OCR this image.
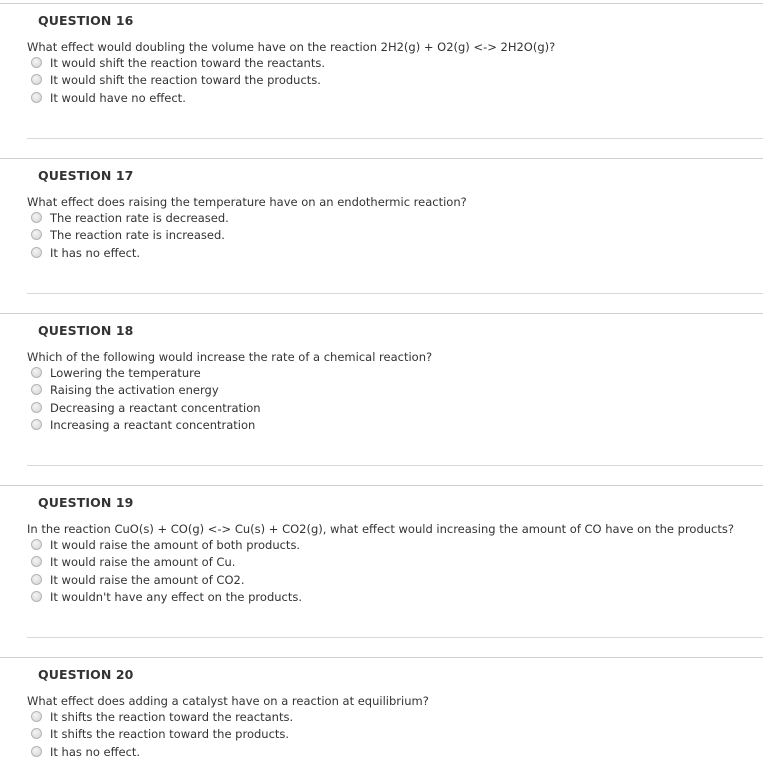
QUESTION 16
What effect would doubling the volume have on the reaction 2H2(g) + O2(g) <-> 2H2O(g)?
It would shift the reaction toward the reactants.
It would shift the reaction toward the products.
It would have no effect.
QUESTION 17
What effect does raising the temperature have on an endothermic reaction?
The reaction rate is decreased.
The reaction rate is increased.
It has no effect.
QUESTION 18
Which of the following would increase the rate of a chemical reaction?
Lowering the temperature
Raising the activation energy
Decreasing a reactant concentration
Increasing a reactant concentration
QUESTION 19
In the reaction CuO(s) + CO(g) <-> Cu(s) + CO2(g), what effect would increasing the amount of CO have on the products?
It would raise the amount of both products.
It would raise the amount of Cu.
It would raise the amount of CO2.
It wouldn't have any effect on the products.
QUESTION 20
What effect does adding a catalyst have on a reaction at equilibrium?
It shifts the reaction toward the reactants.
It shifts the reaction toward the products.
It has no effect.
